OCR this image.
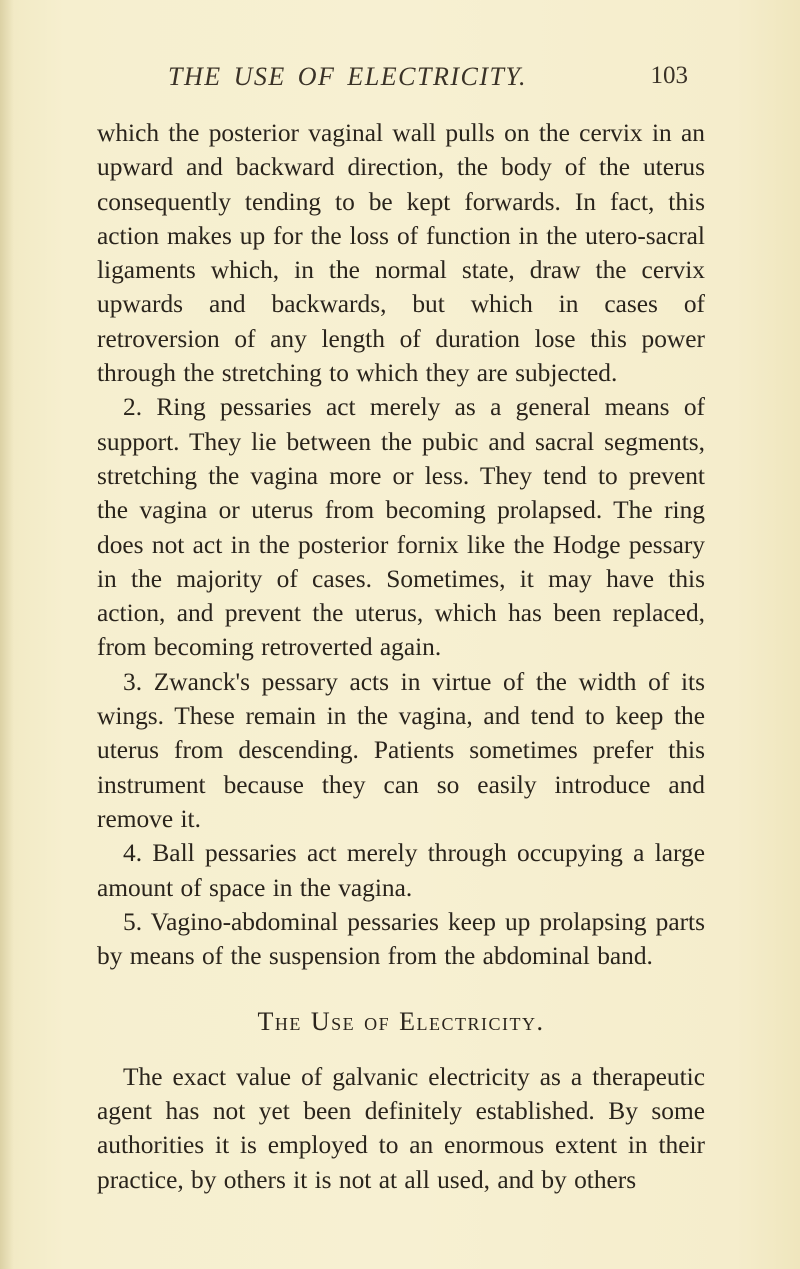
THE USE OF ELECTRICITY.	103

which the posterior vaginal wall pulls on the cervix in an upward and backward direction, the body of the uterus consequently tending to be kept forwards. In fact, this action makes up for the loss of function in the utero-sacral ligaments which, in the normal state, draw the cervix upwards and backwards, but which in cases of retroversion of any length of duration lose this power through the stretching to which they are subjected.

2. Ring pessaries act merely as a general means of support. They lie between the pubic and sacral segments, stretching the vagina more or less. They tend to prevent the vagina or uterus from becoming prolapsed. The ring does not act in the posterior fornix like the Hodge pessary in the majority of cases. Sometimes, it may have this action, and prevent the uterus, which has been replaced, from becoming retroverted again.

3. Zwanck's pessary acts in virtue of the width of its wings. These remain in the vagina, and tend to keep the uterus from descending. Patients sometimes prefer this instrument because they can so easily introduce and remove it.

4. Ball pessaries act merely through occupying a large amount of space in the vagina.

5. Vagino-abdominal pessaries keep up prolapsing parts by means of the suspension from the abdominal band.

The Use of Electricity.

The exact value of galvanic electricity as a therapeutic agent has not yet been definitely established. By some authorities it is employed to an enormous extent in their practice, by others it is not at all used, and by others
